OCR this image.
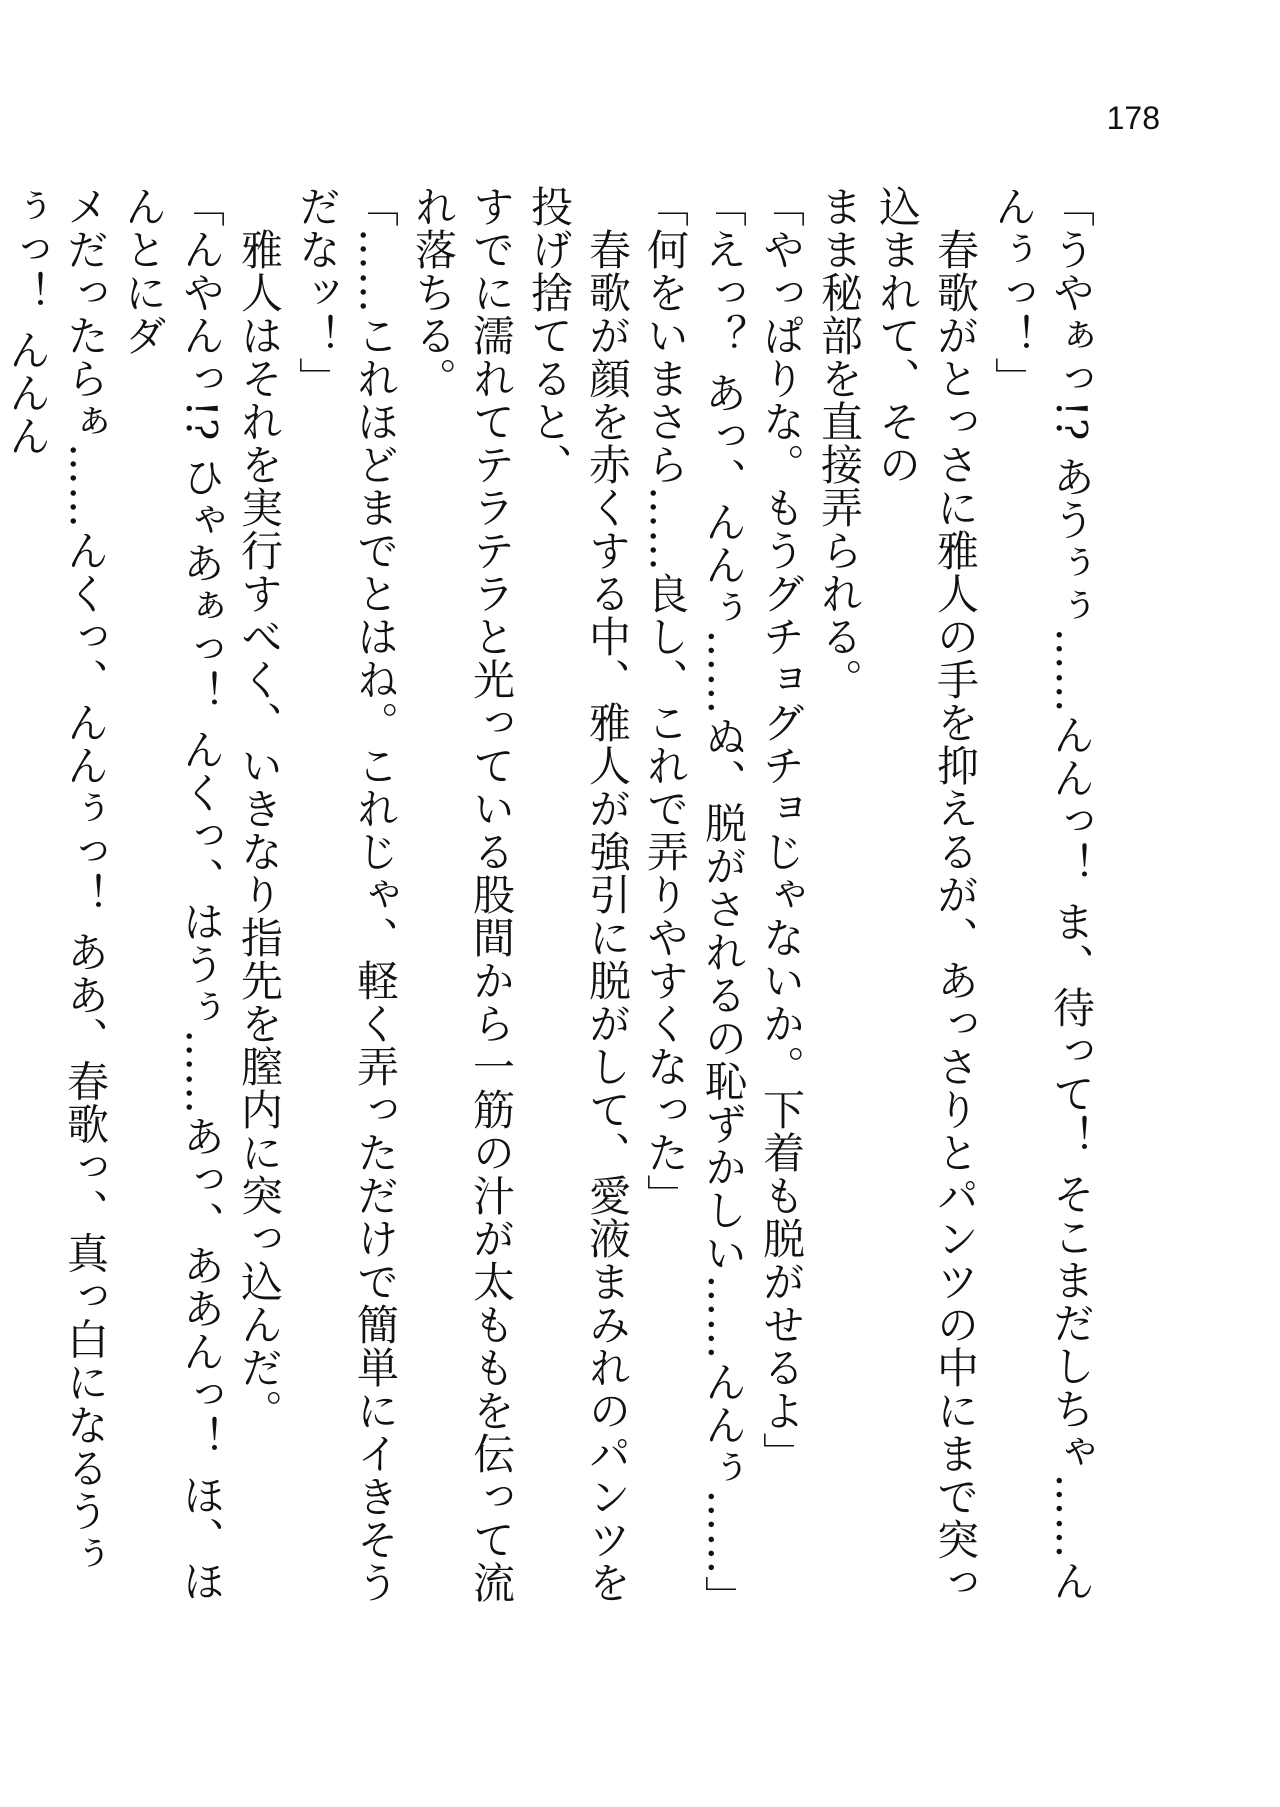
178

「うやぁっ!? あうぅぅ……んんっ！ ま、待って！ そこまだしちゃ……んんぅっ！」

　春歌がとっさに雅人の手を抑えるが、あっさりとパンツの中にまで突っ込まれて、その

まま秘部を直接弄られる。

「やっぱりな。もうグチョグチョじゃないか。下着も脱がせるよ」

「えっ？ あっ、んんぅ……ぬ、脱がされるの恥ずかしい……んんぅ……」

「何をいまさら……良し、これで弄りやすくなった」

　春歌が顔を赤くする中、雅人が強引に脱がして、愛液まみれのパンツを投げ捨てると、

すでに濡れてテラテラと光っている股間から一筋の汁が太ももを伝って流れ落ちる。

「……これほどまでとはね。これじゃ、軽く弄っただけで簡単にイきそうだなッ！」

　雅人はそれを実行すべく、いきなり指先を膣内に突っ込んだ。

「んやんっ!? ひゃあぁっ！ んくっ、はうぅ……あっ、ああんっ！ ほ、ほんとにダ

メだったらぁ……んくっ、んんぅっ！ ああ、春歌っ、真っ白になるうぅぅっ！ んんん
